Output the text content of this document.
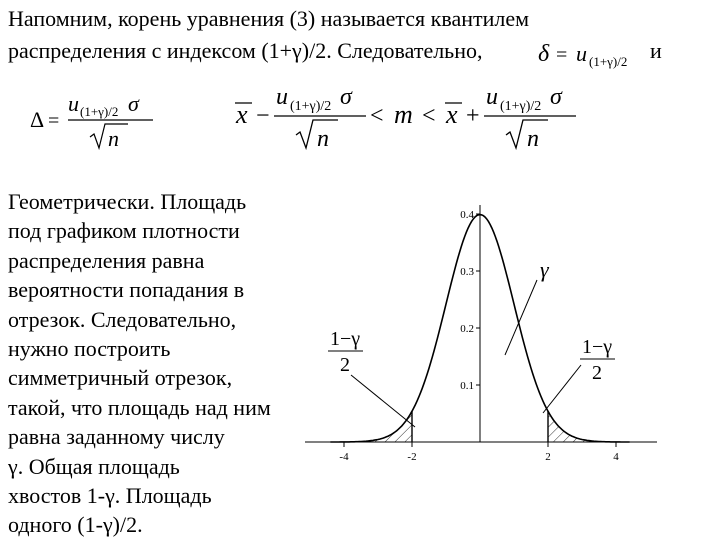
Напомним, корень уравнения (3) называется квантилем
распределения с индексом (1+γ)/2. Следовательно, δ = u (1+γ)/2 и
Δ =
u (1+γ)/2 σ
n
x −
u (1+γ)/2 σ
n
< m < x +
u (1+γ)/2 σ
n
Геометрически. Площадь
под графиком плотности
распределения равна
вероятности попадания в
отрезок. Следовательно,
нужно построить
симметричный отрезок,
такой, что площадь над ним
равна заданному числу
γ. Общая площадь
хвостов 1-γ. Площадь
одного (1-γ)/2.
-4	-2	2	4
0.1
0.2
0.3
0.4
γ
1−γ
2
1−γ
2
